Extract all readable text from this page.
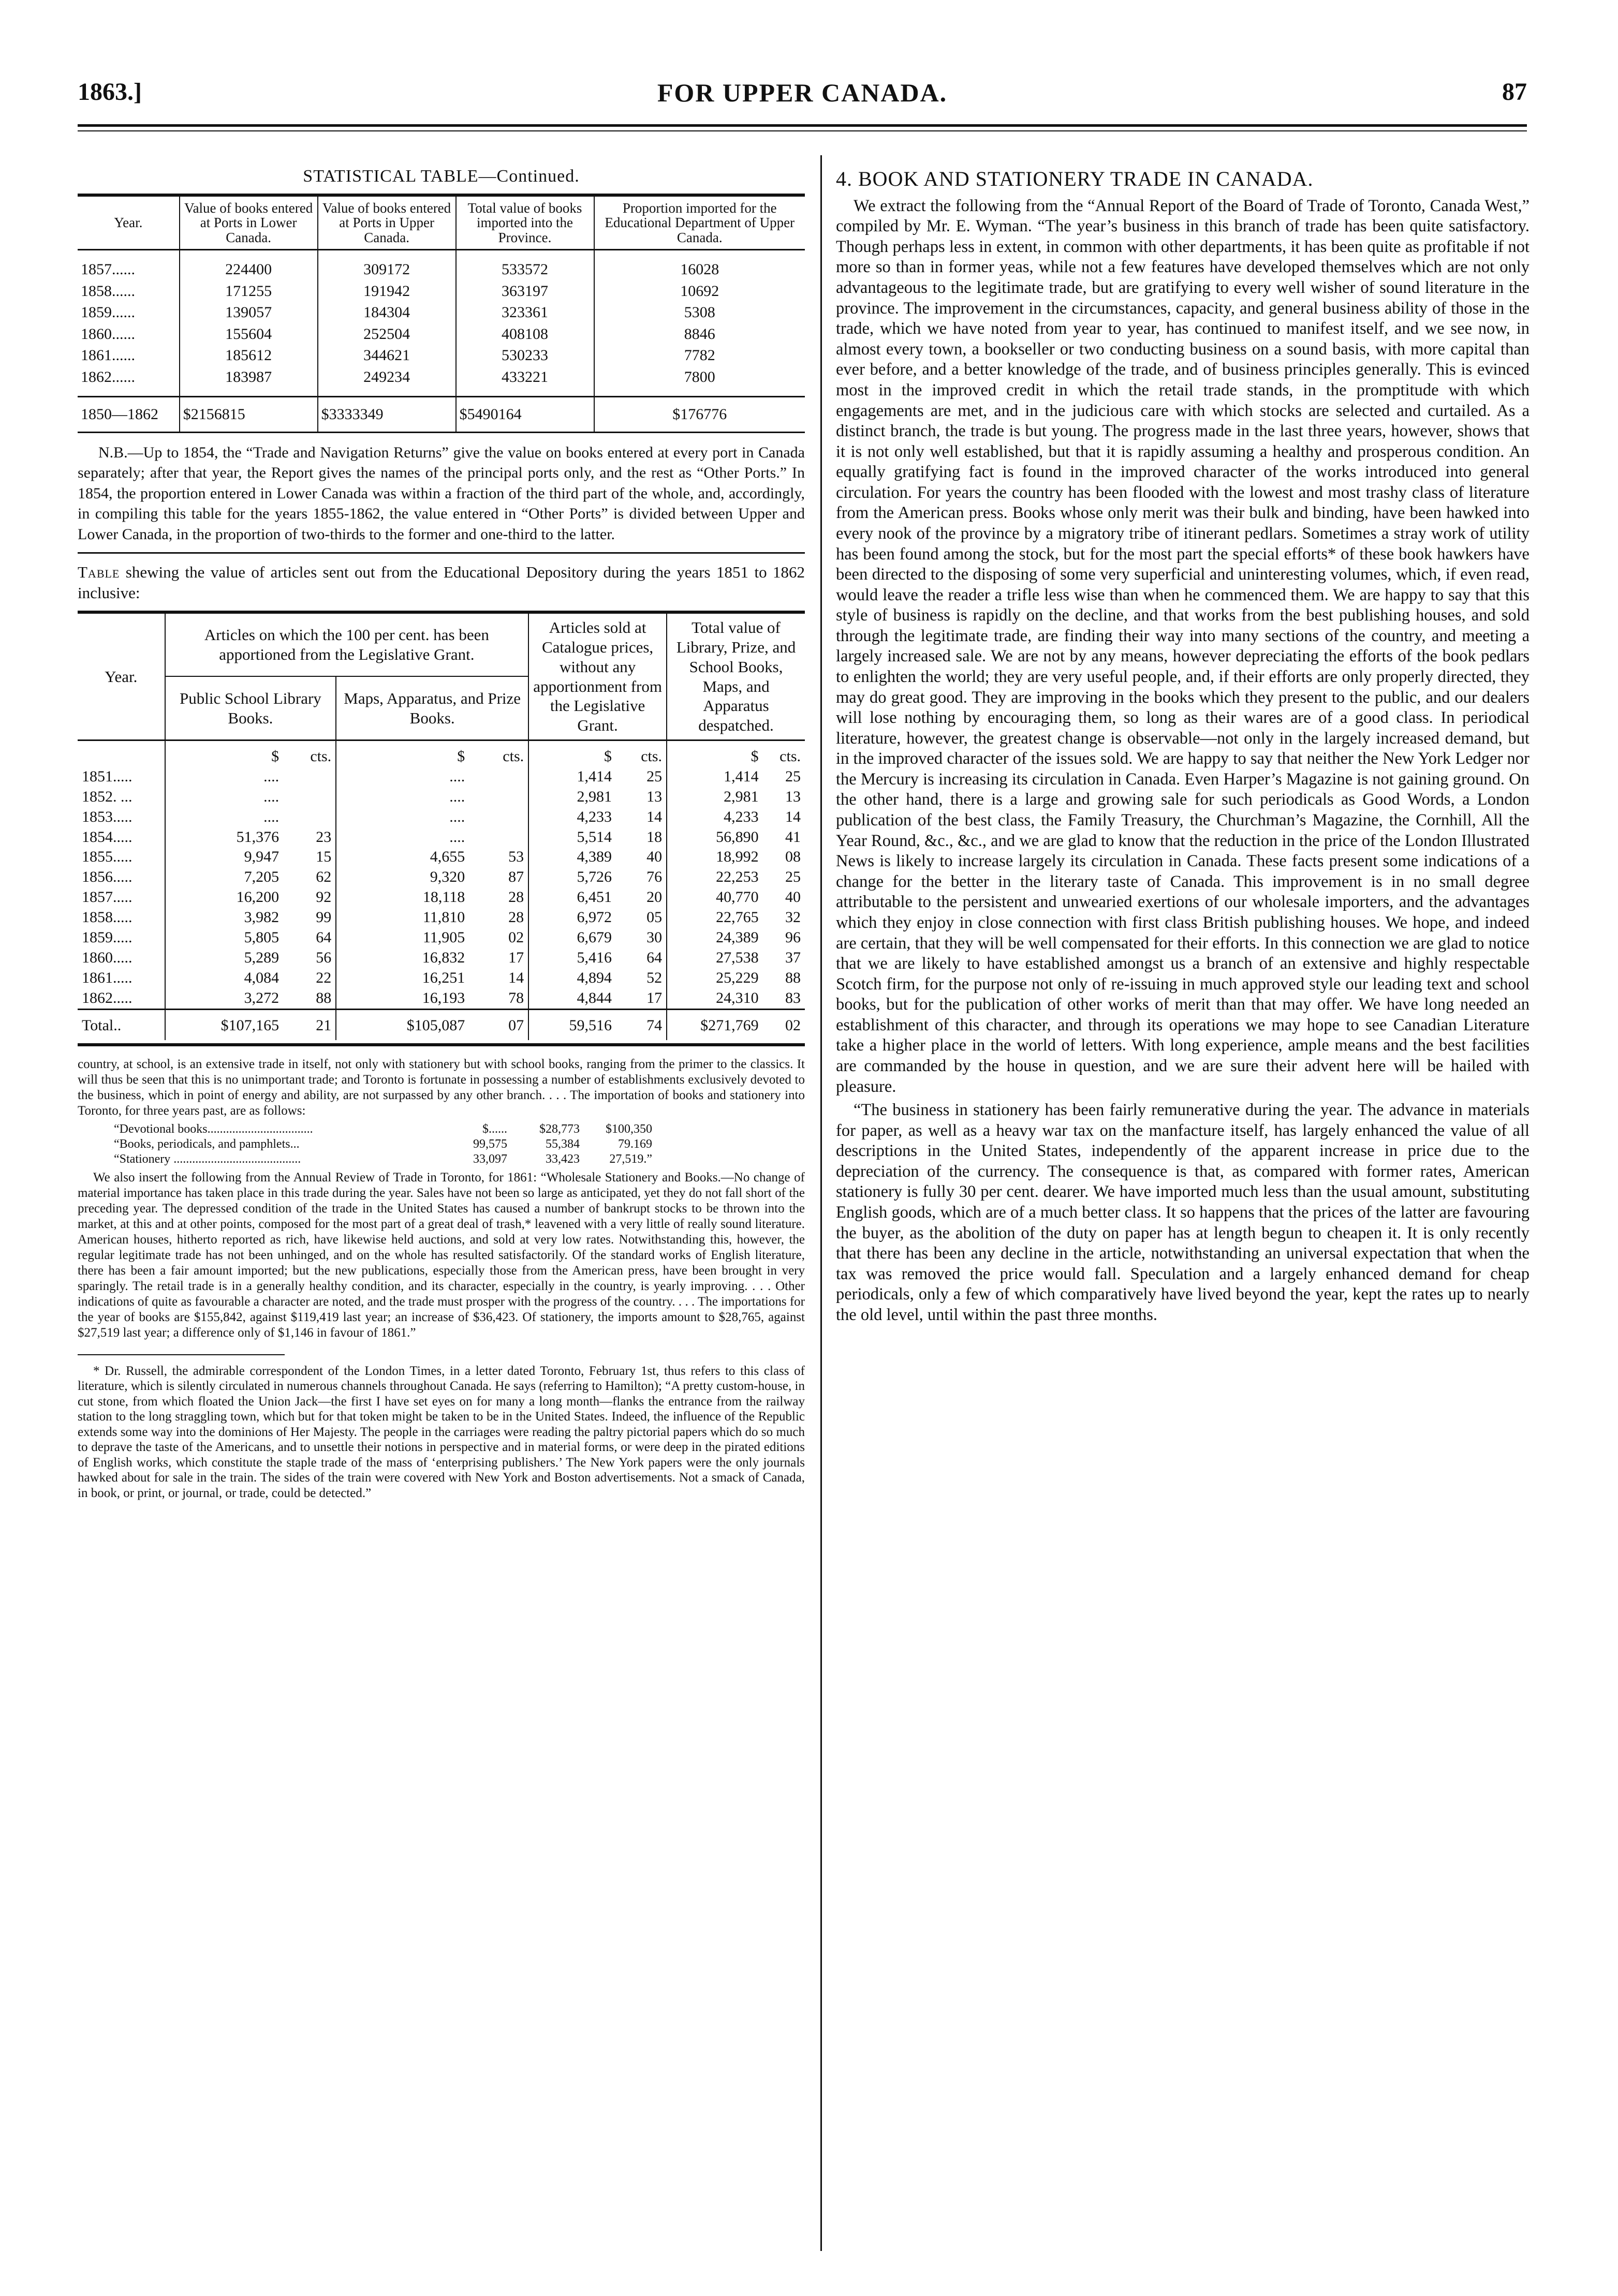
1863.]	FOR UPPER CANADA.	87
STATISTICAL TABLE—Continued.
Year.	Value of books entered at Ports in Lower Canada.	Value of books entered at Ports in Upper Canada.	Total value of books imported into the Province.	Proportion imported for the Educational Department of Upper Canada.

1857......	224400	309172	533572	16028
1858......	171255	191942	363197	10692
1859......	139057	184304	323361	5308
1860......	155604	252504	408108	8846
1861......	185612	344621	530233	7782
1862......	183987	249234	433221	7800

1850—1862	$2156815	$3333349	$5490164	$176776

N.B.—Up to 1854, the “Trade and Navigation Returns” give the value on books entered at every port in Canada separately; after that year, the Report gives the names of the principal ports only, and the rest as “Other Ports.” In 1854, the proportion entered in Lower Canada was within a fraction of the third part of the whole, and, accordingly, in compiling this table for the years 1855-1862, the value entered in “Other Ports” is divided between Upper and Lower Canada, in the proportion of two-thirds to the former and one-third to the latter.

Table shewing the value of articles sent out from the Educational Depository during the years 1851 to 1862 inclusive:

Year.	Articles on which the 100 per cent. has been apportioned from the Legislative Grant.				Articles sold at Catalogue prices, without any apportionment from the Legislative Grant.		Total value of Library, Prize, and School Books, Maps, and Apparatus despatched.	
	Public School Library Books.		Maps, Apparatus, and Prize Books.					
	$	cts.	$	cts.	$	cts.	$	cts.
1851.....	....		....		1,414	25	1,414	25
1852. ...	....		....		2,981	13	2,981	13
1853.....	....		....		4,233	14	4,233	14
1854.....	51,376	23	....		5,514	18	56,890	41
1855.....	9,947	15	4,655	53	4,389	40	18,992	08
1856.....	7,205	62	9,320	87	5,726	76	22,253	25
1857.....	16,200	92	18,118	28	6,451	20	40,770	40
1858.....	3,982	99	11,810	28	6,972	05	22,765	32
1859.....	5,805	64	11,905	02	6,679	30	24,389	96
1860.....	5,289	56	16,832	17	5,416	64	27,538	37
1861.....	4,084	22	16,251	14	4,894	52	25,229	88
1862.....	3,272	88	16,193	78	4,844	17	24,310	83
Total..	$107,165	21	$105,087	07	59,516	74	$271,769	02

country, at school, is an extensive trade in itself, not only with stationery but with school books, ranging from the primer to the classics. It will thus be seen that this is no unimportant trade; and Toronto is fortunate in possessing a number of establishments exclusively devoted to the business, which in point of energy and ability, are not surpassed by any other branch. . . . The importation of books and stationery into Toronto, for three years past, are as follows:

“Devotional books..................................	$......	$28,773	$100,350
“Books, periodicals, and pamphlets...	99,575	55,384	79.169
“Stationery .........................................	33,097	33,423	27,519.”

We also insert the following from the Annual Review of Trade in Toronto, for 1861: “Wholesale Stationery and Books.—No change of material importance has taken place in this trade during the year. Sales have not been so large as anticipated, yet they do not fall short of the preceding year. The depressed condition of the trade in the United States has caused a number of bankrupt stocks to be thrown into the market, at this and at other points, composed for the most part of a great deal of trash,* leavened with a very little of really sound literature. American houses, hitherto reported as rich, have likewise held auctions, and sold at very low rates. Notwithstanding this, however, the regular legitimate trade has not been unhinged, and on the whole has resulted satisfactorily. Of the standard works of English literature, there has been a fair amount imported; but the new publications, especially those from the American press, have been brought in very sparingly. The retail trade is in a generally healthy condition, and its character, especially in the country, is yearly improving. . . . Other indications of quite as favourable a character are noted, and the trade must prosper with the progress of the country. . . . The importations for the year of books are $155,842, against $119,419 last year; an increase of $36,423. Of stationery, the imports amount to $28,765, against $27,519 last year; a difference only of $1,146 in favour of 1861.”

* Dr. Russell, the admirable correspondent of the London Times, in a letter dated Toronto, February 1st, thus refers to this class of literature, which is silently circulated in numerous channels throughout Canada. He says (referring to Hamilton); “A pretty custom-house, in cut stone, from which floated the Union Jack—the first I have set eyes on for many a long month—flanks the entrance from the railway station to the long straggling town, which but for that token might be taken to be in the United States. Indeed, the influence of the Republic extends some way into the dominions of Her Majesty. The people in the carriages were reading the paltry pictorial papers which do so much to deprave the taste of the Americans, and to unsettle their notions in perspective and in material forms, or were deep in the pirated editions of English works, which constitute the staple trade of the mass of ‘enterprising publishers.’ The New York papers were the only journals hawked about for sale in the train. The sides of the train were covered with New York and Boston advertisements. Not a smack of Canada, in book, or print, or journal, or trade, could be detected.”

4. BOOK AND STATIONERY TRADE IN CANADA.

We extract the following from the “Annual Report of the Board of Trade of Toronto, Canada West,” compiled by Mr. E. Wyman. “The year’s business in this branch of trade has been quite satisfactory. Though perhaps less in extent, in common with other departments, it has been quite as profitable if not more so than in former yeas, while not a few features have developed themselves which are not only advantageous to the legitimate trade, but are gratifying to every well wisher of sound literature in the province. The improvement in the circumstances, capacity, and general business ability of those in the trade, which we have noted from year to year, has continued to manifest itself, and we see now, in almost every town, a bookseller or two conducting business on a sound basis, with more capital than ever before, and a better knowledge of the trade, and of business principles generally. This is evinced most in the improved credit in which the retail trade stands, in the promptitude with which engagements are met, and in the judicious care with which stocks are selected and curtailed. As a distinct branch, the trade is but young. The progress made in the last three years, however, shows that it is not only well established, but that it is rapidly assuming a healthy and prosperous condition. An equally gratifying fact is found in the improved character of the works introduced into general circulation. For years the country has been flooded with the lowest and most trashy class of literature from the American press. Books whose only merit was their bulk and binding, have been hawked into every nook of the province by a migratory tribe of itinerant pedlars. Sometimes a stray work of utility has been found among the stock, but for the most part the special efforts* of these book hawkers have been directed to the disposing of some very superficial and uninteresting volumes, which, if even read, would leave the reader a trifle less wise than when he commenced them. We are happy to say that this style of business is rapidly on the decline, and that works from the best publishing houses, and sold through the legitimate trade, are finding their way into many sections of the country, and meeting a largely increased sale. We are not by any means, however depreciating the efforts of the book pedlars to enlighten the world; they are very useful people, and, if their efforts are only properly directed, they may do great good. They are improving in the books which they present to the public, and our dealers will lose nothing by encouraging them, so long as their wares are of a good class. In periodical literature, however, the greatest change is observable—not only in the largely increased demand, but in the improved character of the issues sold. We are happy to say that neither the New York Ledger nor the Mercury is increasing its circulation in Canada. Even Harper’s Magazine is not gaining ground. On the other hand, there is a large and growing sale for such periodicals as Good Words, a London publication of the best class, the Family Treasury, the Churchman’s Magazine, the Cornhill, All the Year Round, &c., &c., and we are glad to know that the reduction in the price of the London Illustrated News is likely to increase largely its circulation in Canada. These facts present some indications of a change for the better in the literary taste of Canada. This improvement is in no small degree attributable to the persistent and unwearied exertions of our wholesale importers, and the advantages which they enjoy in close connection with first class British publishing houses. We hope, and indeed are certain, that they will be well compensated for their efforts. In this connection we are glad to notice that we are likely to have established amongst us a branch of an extensive and highly respectable Scotch firm, for the purpose not only of re-issuing in much approved style our leading text and school books, but for the publication of other works of merit than that may offer. We have long needed an establishment of this character, and through its operations we may hope to see Canadian Literature take a higher place in the world of letters. With long experience, ample means and the best facilities are commanded by the house in question, and we are sure their advent here will be hailed with pleasure.

“The business in stationery has been fairly remunerative during the year. The advance in materials for paper, as well as a heavy war tax on the manfacture itself, has largely enhanced the value of all descriptions in the United States, independently of the apparent increase in price due to the depreciation of the currency. The consequence is that, as compared with former rates, American stationery is fully 30 per cent. dearer. We have imported much less than the usual amount, substituting English goods, which are of a much better class. It so happens that the prices of the latter are favouring the buyer, as the abolition of the duty on paper has at length begun to cheapen it. It is only recently that there has been any decline in the article, notwithstanding an universal expectation that when the tax was removed the price would fall. Speculation and a largely enhanced demand for cheap periodicals, only a few of which comparatively have lived beyond the year, kept the rates up to nearly the old level, until within the past three months.
